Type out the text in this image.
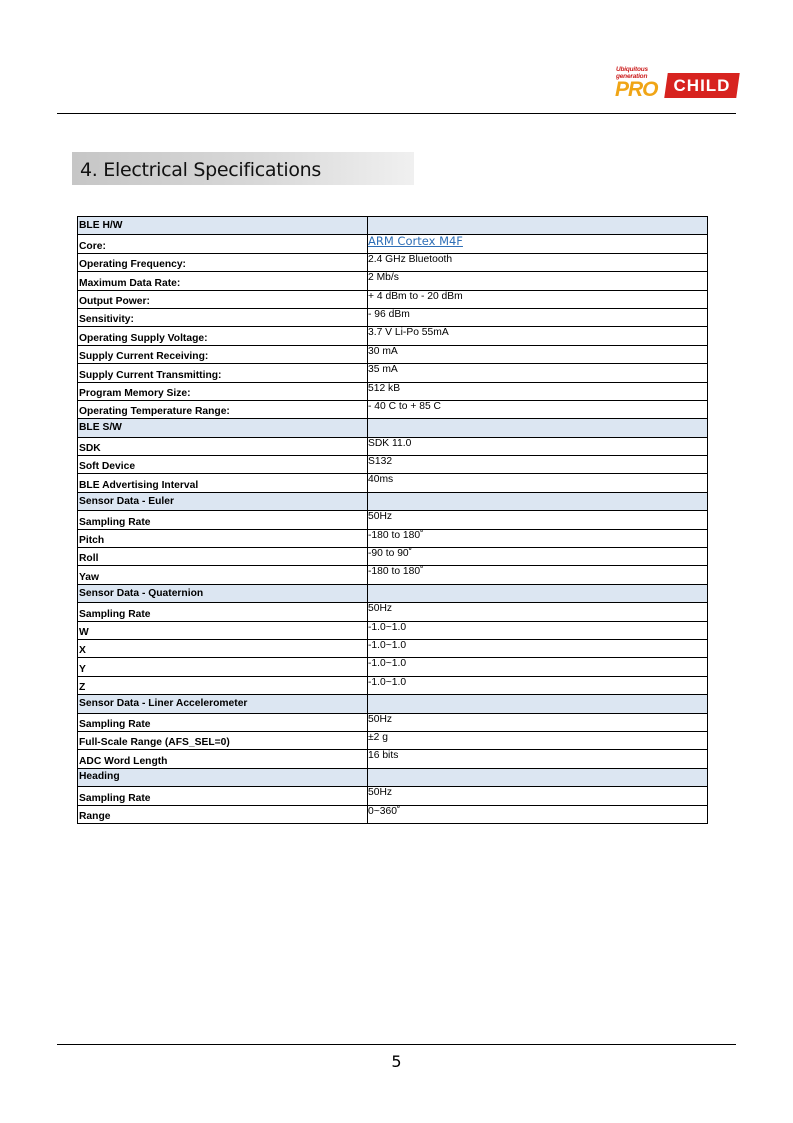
Ubiquitous generation
PRO CHILD
4. Electrical Specifications
BLE H/W	
Core:	ARM Cortex M4F
Operating Frequency:	2.4 GHz Bluetooth
Maximum Data Rate:	2 Mb/s
Output Power:	+ 4 dBm to - 20 dBm
Sensitivity:	- 96 dBm
Operating Supply Voltage:	3.7 V Li-Po 55mA
Supply Current Receiving:	30 mA
Supply Current Transmitting:	35 mA
Program Memory Size:	512 kB
Operating Temperature Range:	- 40 C to + 85 C
BLE S/W	
SDK	SDK 11.0
Soft Device	S132
BLE Advertising Interval	40ms
Sensor Data - Euler	
Sampling Rate	50Hz
Pitch	-180 to 180˚
Roll	-90 to 90˚
Yaw	-180 to 180˚
Sensor Data - Quaternion	
Sampling Rate	50Hz
W	-1.0~1.0
X	-1.0~1.0
Y	-1.0~1.0
Z	-1.0~1.0
Sensor Data - Liner Accelerometer	
Sampling Rate	50Hz
Full-Scale Range (AFS_SEL=0)	±2 g
ADC Word Length	16 bits
Heading	
Sampling Rate	50Hz
Range	0~360˚
5
